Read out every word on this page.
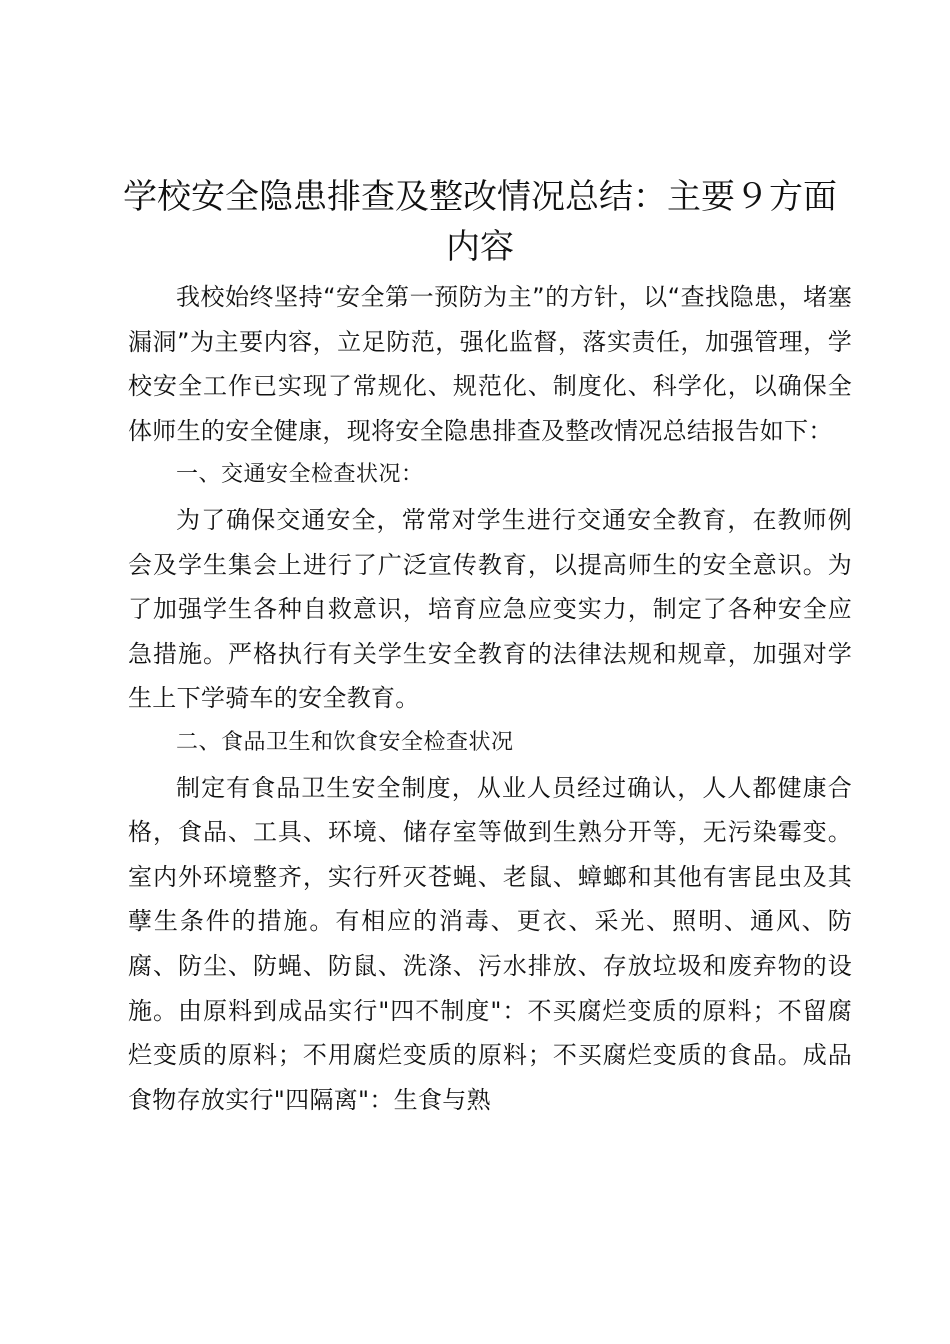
学校安全隐患排查及整改情况总结：主要９方面内容

我校始终坚持“安全第一预防为主”的方针，以“查找隐患，堵塞漏洞”为主要内容，立足防范，强化监督，落实责任，加强管理，学校安全工作已实现了常规化、规范化、制度化、科学化，以确保全体师生的安全健康，现将安全隐患排查及整改情况总结报告如下：

一、交通安全检查状况：

为了确保交通安全，常常对学生进行交通安全教育，在教师例会及学生集会上进行了广泛宣传教育，以提高师生的安全意识。为了加强学生各种自救意识，培育应急应变实力，制定了各种安全应急措施。严格执行有关学生安全教育的法律法规和规章，加强对学生上下学骑车的安全教育。

二、食品卫生和饮食安全检查状况

制定有食品卫生安全制度，从业人员经过确认，人人都健康合格，食品、工具、环境、储存室等做到生熟分开等，无污染霉变。室内外环境整齐，实行歼灭苍蝇、老鼠、蟑螂和其他有害昆虫及其孽生条件的措施。有相应的消毒、更衣、采光、照明、通风、防腐、防尘、防蝇、防鼠、洗涤、污水排放、存放垃圾和废弃物的设施。由原料到成品实行"四不制度"：不买腐烂变质的原料；不留腐烂变质的原料；不用腐烂变质的原料；不买腐烂变质的食品。成品食物存放实行"四隔离"：生食与熟
